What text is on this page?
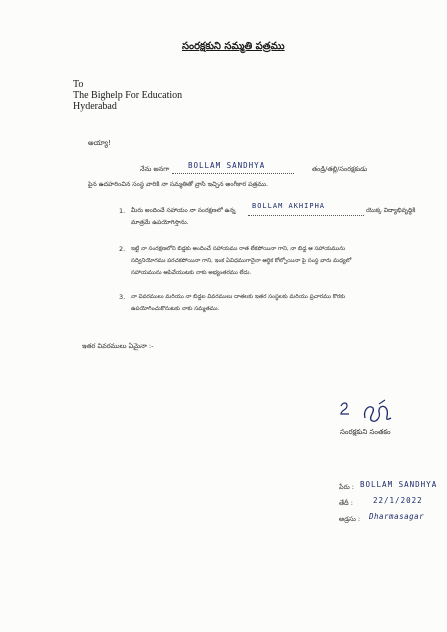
సంరక్షకుని సమ్మతి పత్రము
To
The Bighelp For Education
Hyderabad
అయ్యా!
నేను అనగా	BOLLAM SANDHYA	తండ్రి/తల్లి/సంరక్షకుడు
పైన ఉదహరించిన సంస్థ వారికి నా సమ్మతితో వ్రాసి ఇచ్చిన అంగీకార పత్రము.
1. మీరు అందించే సహాయం నా సంరక్షణలో ఉన్న
BOLLAM AKHIPHA
యొక్క విద్యాభివృద్ధికి
మాత్రమే ఉపయోగిస్తాను.
2. ఇట్టి నా సంరక్షణలోని బిడ్డకు అందించే సహాయము రాత లేకపోయినా గాని, నా బిడ్డ ఆ సహాయమును
సద్వినియోగము పరచకపోయినా గాని, ఇంక ఏవిధముగానైనా ఆర్థిక కోల్పోయినా పై సంస్థ వారు మధ్యలో
సహాయమును ఆపివేయుటకు నాకు అభ్యంతరము లేదు.
3. నా వివరములు మరియు నా బిడ్డల వివరములు దాతలకు ఇతర సంస్థలకు మరియు ప్రచారము కొరకు
ఉపయోగించుకొనుటకు నాకు సమ్మతము.
ఇతర వివరములు ఏమైనా :-
సంరక్షకుని సంతకం
పేరు : BOLLAM SANDHYA
తేదీ :	22/1/2022
అడ్రసు : Dharmasagar
